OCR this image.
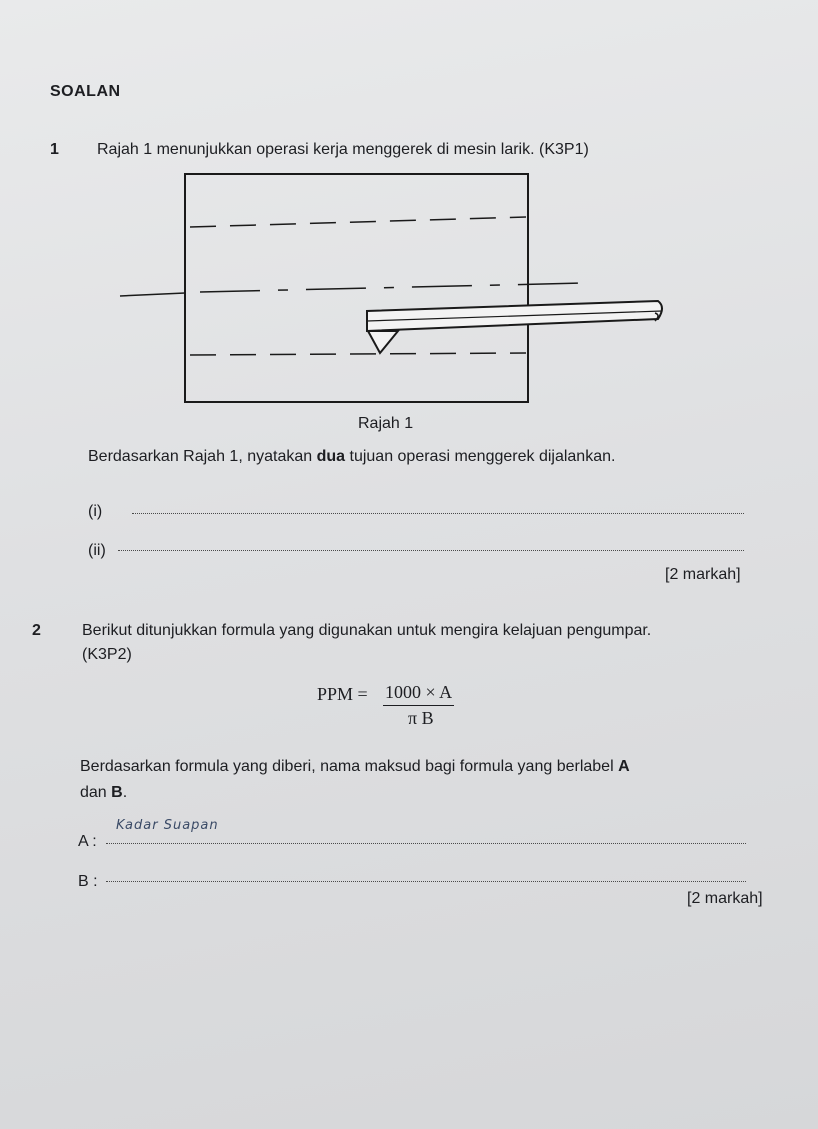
SOALAN
1 Rajah 1 menunjukkan operasi kerja menggerek di mesin larik. (K3P1)
Rajah 1
Berdasarkan Rajah 1, nyatakan dua tujuan operasi menggerek dijalankan.
(i)
(ii)
[2 markah]
2	Berikut ditunjukkan formula yang digunakan untuk mengira kelajuan pengumpar.
(K3P2)
PPM = 1000 × A
π B
Berdasarkan formula yang diberi, nama maksud bagi formula yang berlabel A
dan B.
A :
Kadar Suapan
B :
[2 markah]
